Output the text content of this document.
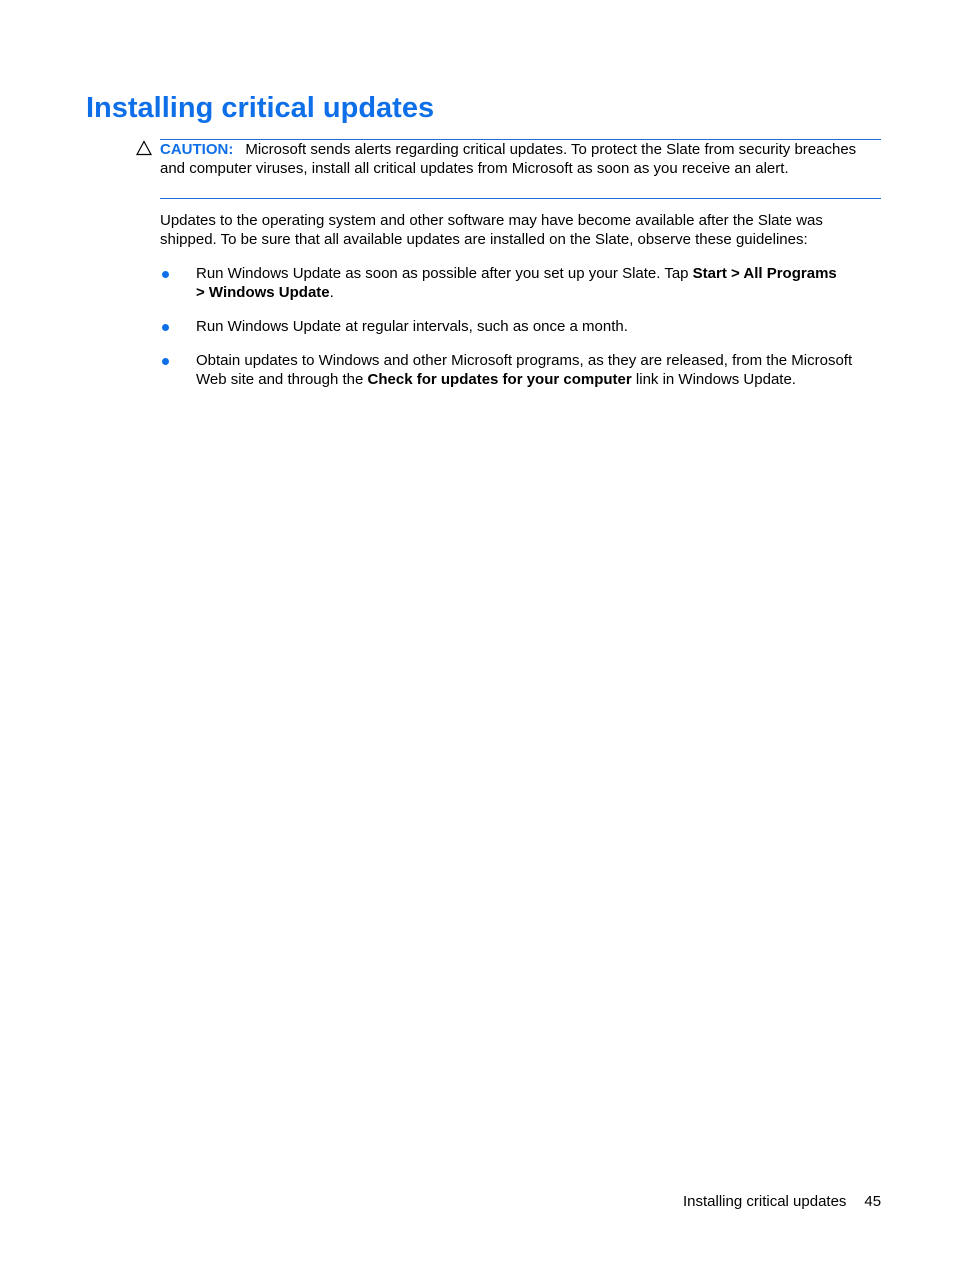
Installing critical updates

CAUTION: Microsoft sends alerts regarding critical updates. To protect the Slate from security breaches and computer viruses, install all critical updates from Microsoft as soon as you receive an alert.

Updates to the operating system and other software may have become available after the Slate was shipped. To be sure that all available updates are installed on the Slate, observe these guidelines:

Run Windows Update as soon as possible after you set up your Slate. Tap Start > All Programs > Windows Update.
Run Windows Update at regular intervals, such as once a month.
Obtain updates to Windows and other Microsoft programs, as they are released, from the Microsoft Web site and through the Check for updates for your computer link in Windows Update.
Installing critical updates 45
